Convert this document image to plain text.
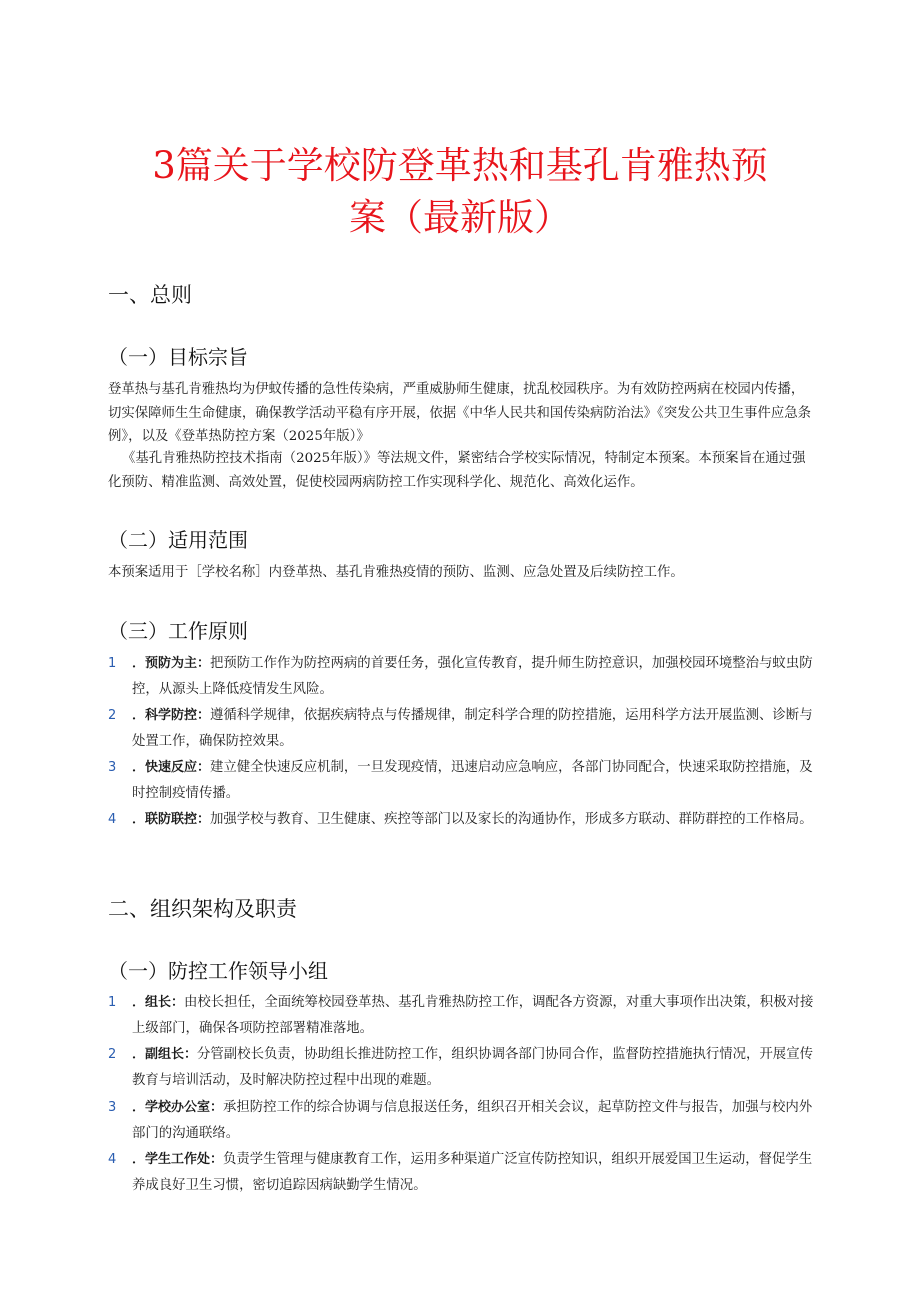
3篇关于学校防登革热和基孔肯雅热预
案（最新版）
一、总则
（一）目标宗旨

登革热与基孔肯雅热均为伊蚊传播的急性传染病，严重威胁师生健康，扰乱校园秩序。为有效防控两病在校园内传播，切实保障师生生命健康，确保教学活动平稳有序开展，依据《中华人民共和国传染病防治法》《突发公共卫生事件应急条例》，以及《登革热防控方案（2025年版）》

《基孔肯雅热防控技术指南（2025年版）》等法规文件，紧密结合学校实际情况，特制定本预案。本预案旨在通过强化预防、精准监测、高效处置，促使校园两病防控工作实现科学化、规范化、高效化运作。

（二）适用范围

本预案适用于［学校名称］内登革热、基孔肯雅热疫情的预防、监测、应急处置及后续防控工作。

（三）工作原则
1 ．预防为主：把预防工作作为防控两病的首要任务，强化宣传教育，提升师生防控意识，加强校园环境整治与蚊虫防控，从源头上降低疫情发生风险。
2 ．科学防控：遵循科学规律，依据疾病特点与传播规律，制定科学合理的防控措施，运用科学方法开展监测、诊断与处置工作，确保防控效果。
3 ．快速反应：建立健全快速反应机制，一旦发现疫情，迅速启动应急响应，各部门协同配合，快速采取防控措施，及时控制疫情传播。
4 ．联防联控：加强学校与教育、卫生健康、疾控等部门以及家长的沟通协作，形成多方联动、群防群控的工作格局。
二、组织架构及职责
（一）防控工作领导小组
1 ．组长：由校长担任，全面统筹校园登革热、基孔肯雅热防控工作，调配各方资源，对重大事项作出决策，积极对接上级部门，确保各项防控部署精准落地。
2 ．副组长：分管副校长负责，协助组长推进防控工作，组织协调各部门协同合作，监督防控措施执行情况，开展宣传教育与培训活动，及时解决防控过程中出现的难题。
3 ．学校办公室：承担防控工作的综合协调与信息报送任务，组织召开相关会议，起草防控文件与报告，加强与校内外部门的沟通联络。
4 ．学生工作处：负责学生管理与健康教育工作，运用多种渠道广泛宣传防控知识，组织开展爱国卫生运动，督促学生养成良好卫生习惯，密切追踪因病缺勤学生情况。
